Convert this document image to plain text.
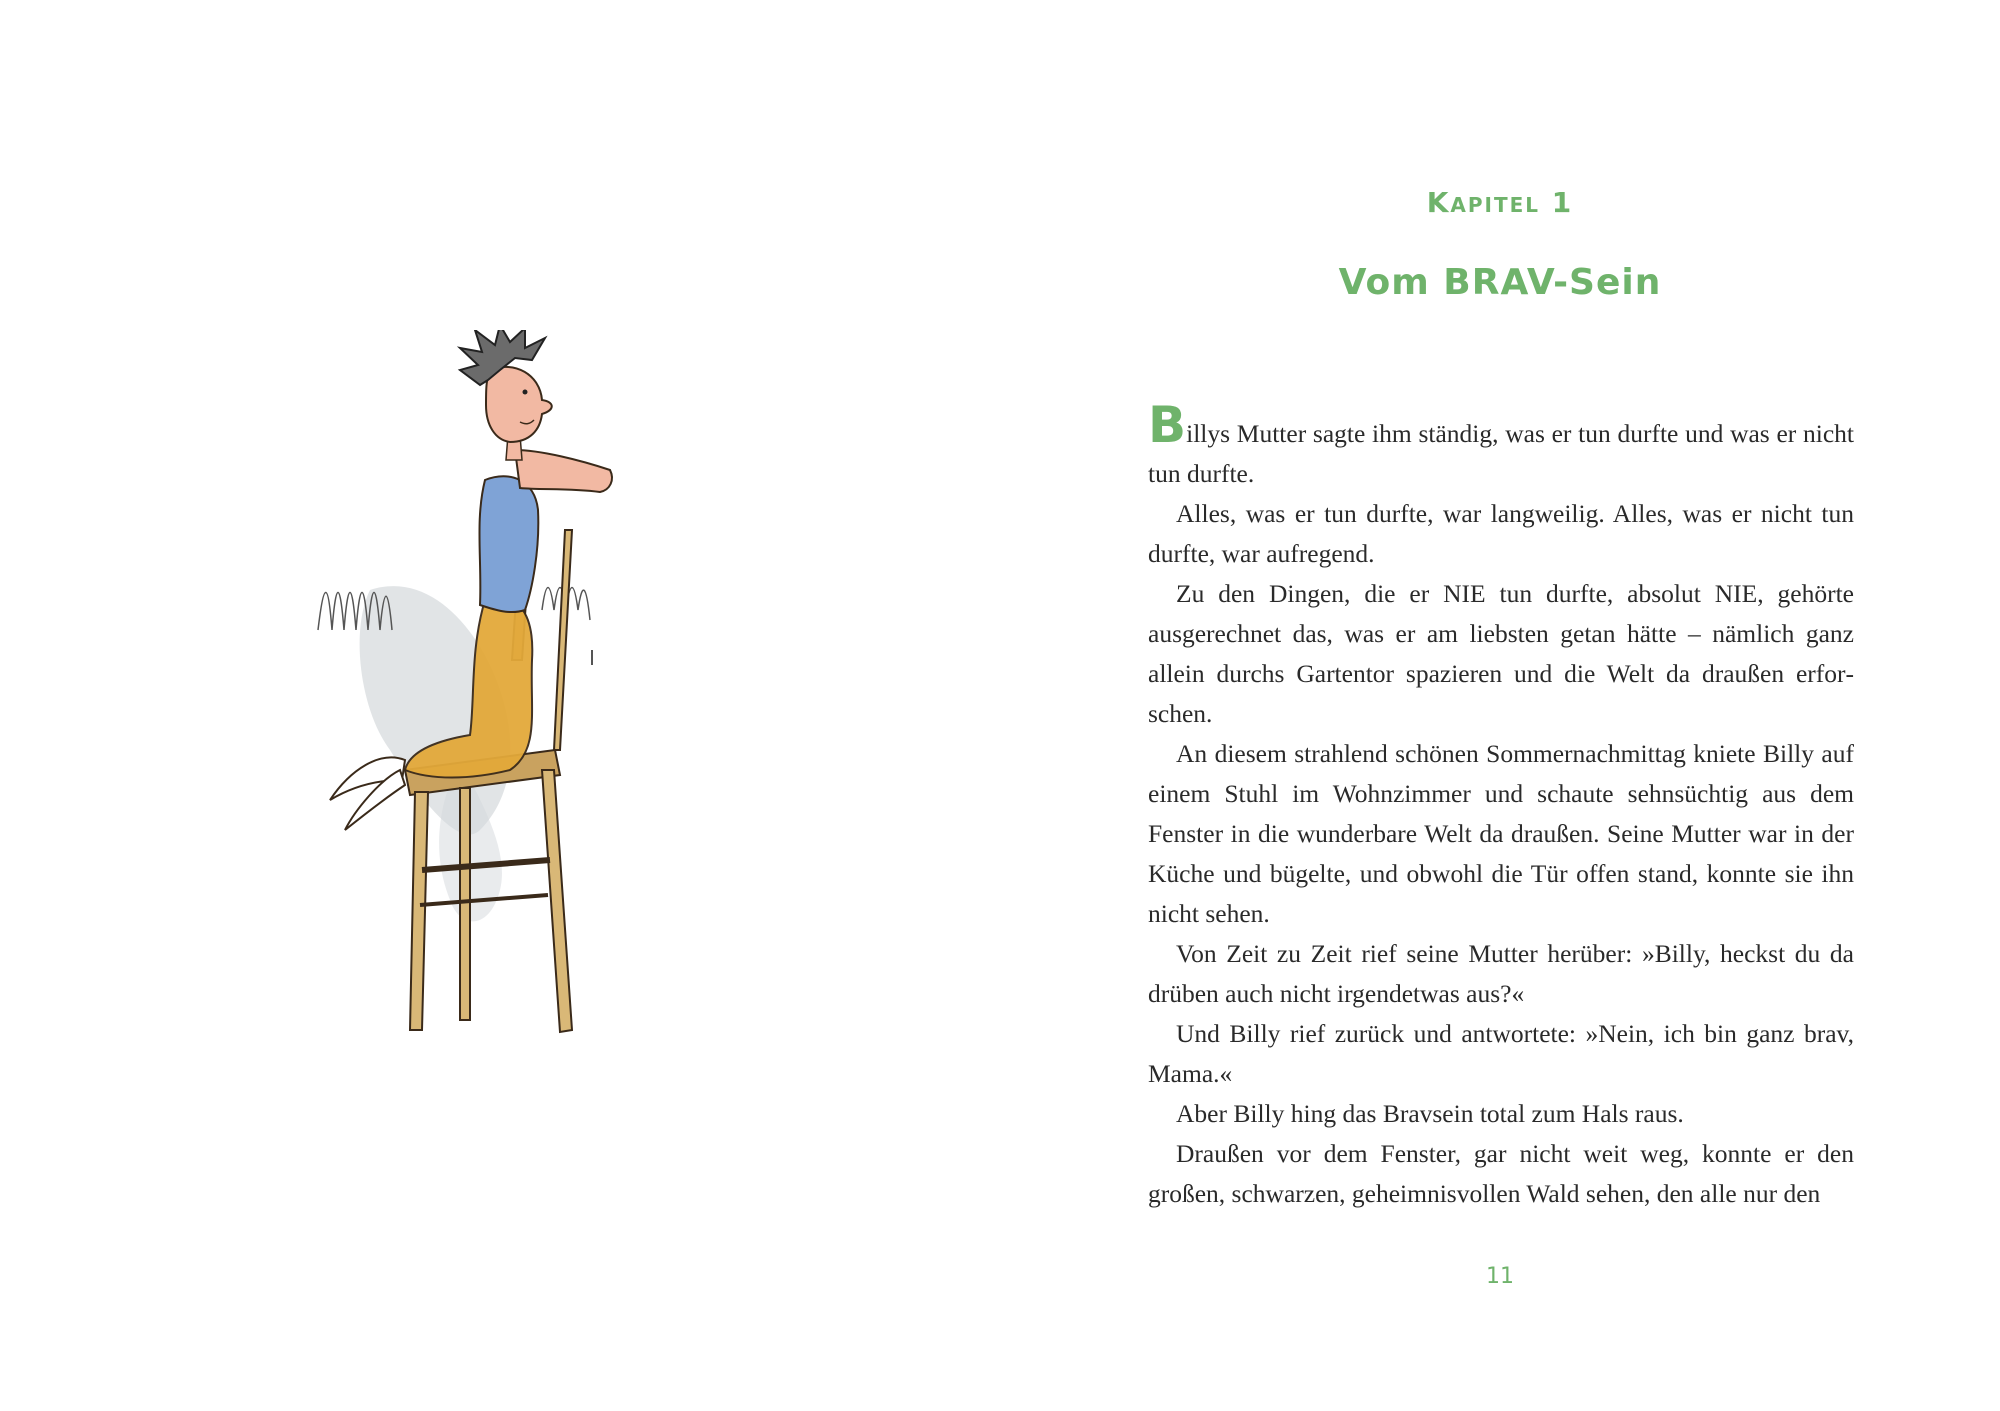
Kapitel 1
Vom BRAV-Sein

Billys Mutter sagte ihm ständig, was er tun durfte und was er nicht tun durfte.

Alles, was er tun durfte, war langweilig. Alles, was er nicht tun durfte, war aufregend.

Zu den Dingen, die er NIE tun durfte, absolut NIE, gehörte ausgerechnet das, was er am liebsten getan hätte – nämlich ganz allein durchs Gartentor spazieren und die Welt da draußen erforschen.

An diesem strahlend schönen Sommernachmittag kniete Billy auf einem Stuhl im Wohnzimmer und schaute sehnsüchtig aus dem Fenster in die wunderbare Welt da draußen. Seine Mutter war in der Küche und bügelte, und obwohl die Tür offen stand, konnte sie ihn nicht sehen.

Von Zeit zu Zeit rief seine Mutter herüber: »Billy, heckst du da drüben auch nicht irgendetwas aus?«

Und Billy rief zurück und antwortete: »Nein, ich bin ganz brav, Mama.«

Aber Billy hing das Bravsein total zum Hals raus.

Draußen vor dem Fenster, gar nicht weit weg, konnte er den großen, schwarzen, geheimnisvollen Wald sehen, den alle nur den

11
